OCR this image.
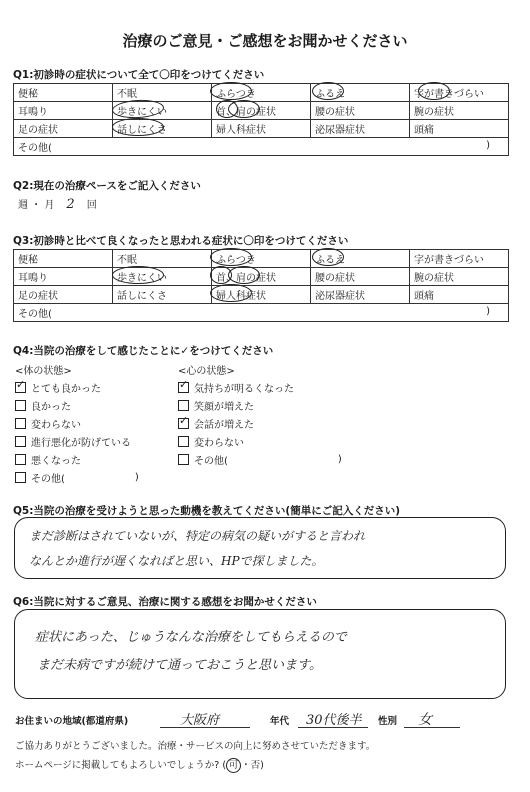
治療のご意見・ご感想をお聞かせください
Q1:初診時の症状について全て〇印をつけてください
便秘	不眠	ふらつき	ふるえ	字が書きづらい
耳鳴り	歩きにくい	首、肩の症状	腰の症状	腕の症状
足の症状	話しにくさ	婦人科症状	泌尿器症状	頭痛
その他( )				
Q2:現在の治療ペースをご記入ください
週 ・ 月 2 回
Q3:初診時と比べて良くなったと思われる症状に〇印をつけてください
便秘	不眠	ふらつき	ふるえ	字が書きづらい
耳鳴り	歩きにくい	首、肩の症状	腰の症状	腕の症状
足の症状	話しにくさ	婦人科症状	泌尿器症状	頭痛
その他( )				
Q4:当院の治療をして感じたことに✓をつけてください
<体の状態>
✓
とても良かった
良かった
変わらない
進行悪化が防げている
悪くなった
その他(	)
<心の状態>
✓
気持ちが明るくなった
笑顔が増えた
✓
会話が増えた
変わらない
その他(	)
Q5:当院の治療を受けようと思った動機を教えてください(簡単にご記入ください)
まだ診断はされていないが、特定の病気の疑いがすると言われ
なんとか進行が遅くなればと思い、HPで探しました。
Q6:当院に対するご意見、治療に関する感想をお聞かせください
症状にあった、じゅうなんな治療をしてもらえるので
まだ未病ですが続けて通っておこうと思います。
お住まいの地域(都道府県)	大阪府	年代 30代後半 性別 女
ご協力ありがとうございました。治療・サービスの向上に努めさせていただきます。
ホームページに掲載してもよろしいでしょうか? ( 可 ・否)
